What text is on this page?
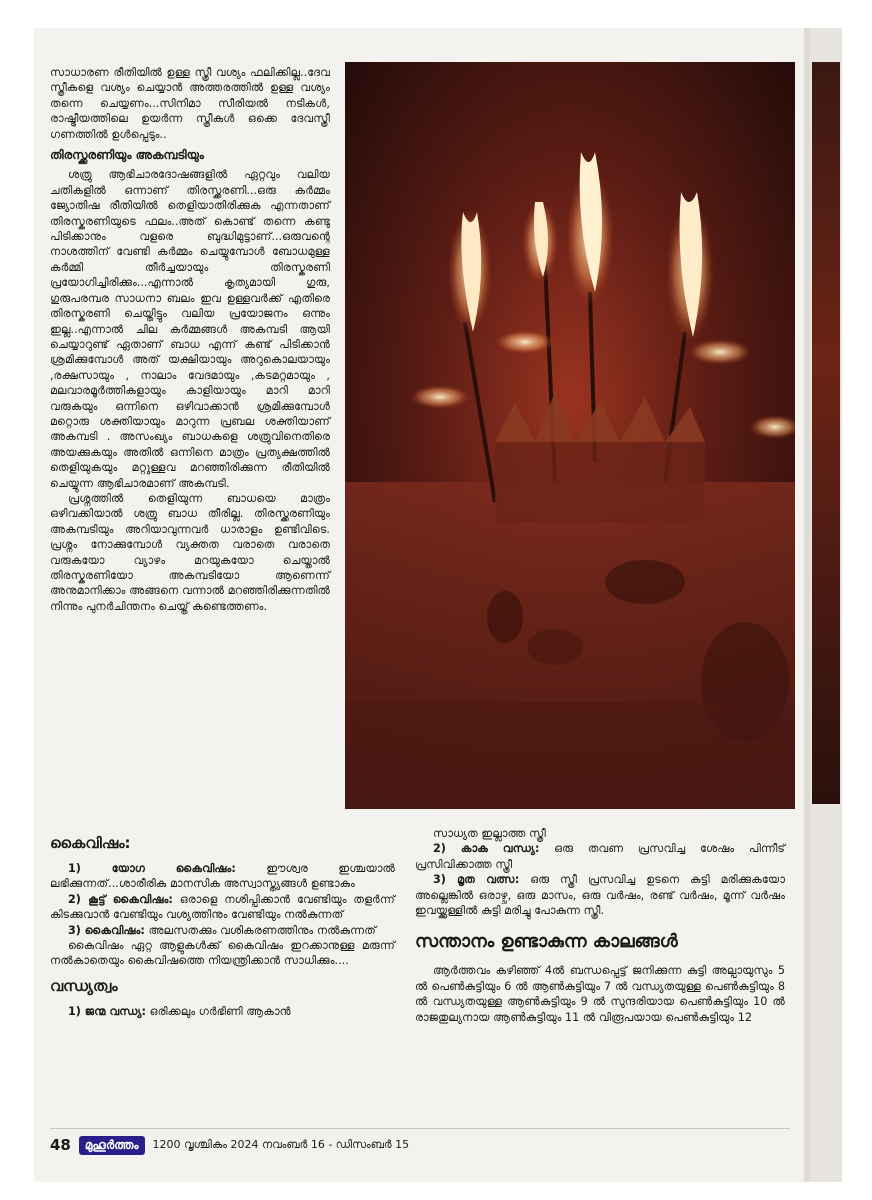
സാധാരണ രീതിയിൽ ഉള്ള സ്ത്രീ വശ്യം ഫലിക്കില്ല..ദേവ സ്ത്രീകളെ വശ്യം ചെയ്യാൻ അത്തരത്തിൽ ഉള്ള വശ്യം തന്നെ ചെയ്യണം...സിനിമാ സീരിയൽ നടികൾ, രാഷ്ട്രീയത്തിലെ ഉയർന്ന സ്ത്രീകൾ ഒക്കെ ദേവസ്ത്രീ ഗണത്തിൽ ഉൾപ്പെടും..

തിരസ്ക്കരണിയും അകമ്പടിയും

ശത്രു ആഭിചാരദോഷങ്ങളിൽ ഏറ്റവും വലിയ ചതികളിൽ ഒന്നാണ് തിരസ്ക്കരണി...ഒരു കർമ്മം ജ്യോതിഷ രീതിയിൽ തെളിയാതിരിക്കുക എന്നതാണ് തിരസ്കരണിയുടെ ഫലം..അത് കൊണ്ട് തന്നെ കണ്ടു പിടിക്കാനും വളരെ ബുദ്ധിമുട്ടാണ്...ഒരുവന്റെ നാശത്തിന് വേണ്ടി കർമ്മം ചെയ്യുമ്പോൾ ബോധമുള്ള കർമ്മി തീർച്ചയായും തിരസ്കരണി പ്രയോഗിച്ചിരിക്കും...എന്നാൽ കൃത്യമായി ഗുരു, ഗുരുപരമ്പര സാധനാ ബലം ഇവ ഉള്ളവർക്ക് എതിരെ തിരസ്കരണി ചെയ്തിട്ടും വലിയ പ്രയോജനം ഒന്നും ഇല്ല..എന്നാൽ ചില കർമ്മങ്ങൾ അകമ്പടി ആയി ചെയ്യാറുണ്ട് ഏതാണ് ബാധ എന്ന് കണ്ട് പിടിക്കാൻ ശ്രമിക്കുമ്പോൾ അത് യക്ഷിയായും അറുകൊലയായും ,രക്ഷസായും , നാലാം വേദമായും ,കടമറ്റമായും , മലവാരമൂർത്തികളായും കാളിയായും മാറി മാറി വരുകയും ഒന്നിനെ ഒഴിവാക്കാൻ ശ്രമിക്കുമ്പോൾ മറ്റൊരു ശക്തിയായും മാറുന്ന പ്രബല ശക്തിയാണ് അകമ്പടി . അസംഖ്യം ബാധകളെ ശത്രുവിനെതിരെ അയക്കുകയും അതിൽ ഒന്നിനെ മാത്രം പ്രത്യക്ഷത്തിൽ തെളിയുകയും മറ്റുള്ളവ മറഞ്ഞിരിക്കുന്ന രീതിയിൽ ചെയ്യുന്ന ആഭിചാരമാണ് അകമ്പടി.

പ്രശ്നത്തിൽ തെളിയുന്ന ബാധയെ മാത്രം ഒഴിവക്കിയാൽ ശത്രു ബാധ തീരില്ല. തിരസ്ക്കരണിയും അകമ്പടിയും അറിയാവുന്നവർ ധാരാളം ഉണ്ടിവിടെ. പ്രശ്നം നോക്കുമ്പോൾ വ്യക്തത വരാതെ വരാതെ വരുകയോ വ്യാഴം മറയുകയോ ചെയ്താൽ തിരസ്കരണിയോ അകമ്പടിയോ ആണെന്ന് അനുമാനിക്കാം അങ്ങനെ വന്നാൽ മറഞ്ഞിരിക്കുന്നതിൽ നിന്നും പുനർചിന്തനം ചെയ്ത് കണ്ടെത്തണം.

കൈവിഷം:

1) യോഗ കൈവിഷം:	ഈശ്വര ഇശ്ചയാൽ ലഭിക്കുന്നത്...ശാരീരിക മാനസിക അസ്വാസ്ത്യങ്ങൾ ഉണ്ടാകും

2) കൂട്ട് കൈവിഷം: ഒരാളെ നശിപ്പിക്കാൻ വേണ്ടിയും തളർന്ന് കിടക്കുവാൻ വേണ്ടിയും വശ്യത്തിനും വേണ്ടിയും നൽകുന്നത്

3) കൈവിഷം: അലസതക്കും വശികരണത്തിനും നൽകുന്നത്

കൈവിഷം ഏറ്റ ആളുകൾക്ക് കൈവിഷം ഇറക്കാനുള്ള മരുന്ന് നൽകാതെയും കൈവിഷത്തെ നിയന്ത്രിക്കാൻ സാധിക്കും....

വന്ധ്യത്വം

1) ജന്മ വന്ധ്യ: ഒരിക്കലും ഗർഭിണി ആകാൻ

സാധ്യത ഇല്ലാത്ത സ്ത്രീ

2) കാക വന്ധ്യ: ഒരു തവണ പ്രസവിച്ച ശേഷം പിന്നീട് പ്രസിവിക്കാത്ത സ്ത്രീ

3) മൃത വത്സ: ഒരു സ്ത്രീ പ്രസവിച്ച ഉടനെ കുട്ടി മരിക്കുകയോ അല്ലെങ്കിൽ ഒരാഴ്ച, ഒരു മാസം, ഒരു വർഷം, രണ്ട് വർഷം, മൂന്ന് വർഷം ഇവയ്ക്കുള്ളിൽ കുട്ടി മരിച്ചു പോകുന്ന സ്ത്രീ.

സന്താനം ഉണ്ടാകുന്ന കാലങ്ങൾ

ആർത്തവം കഴിഞ്ഞ് 4ൽ ബന്ധപ്പെട്ട് ജനിക്കുന്ന കുട്ടി അല്പായുസും 5 ൽ പെൺകുട്ടിയും 6 ൽ ആൺകുട്ടിയും 7 ൽ വന്ധ്യതയുള്ള പെൺകുട്ടിയും 8 ൽ വന്ധ്യതയുള്ള ആൺകുട്ടിയും 9 ൽ സുന്ദരിയായ പെൺകുട്ടിയും 10 ൽ രാജതുല്യനായ ആൺകുട്ടിയും 11 ൽ വിരൂപയായ പെൺകുട്ടിയും 12

48	മുഹൂർത്തം	1200 വൃശ്ചികം 2024 നവംബർ 16 - ഡിസംബർ 15
